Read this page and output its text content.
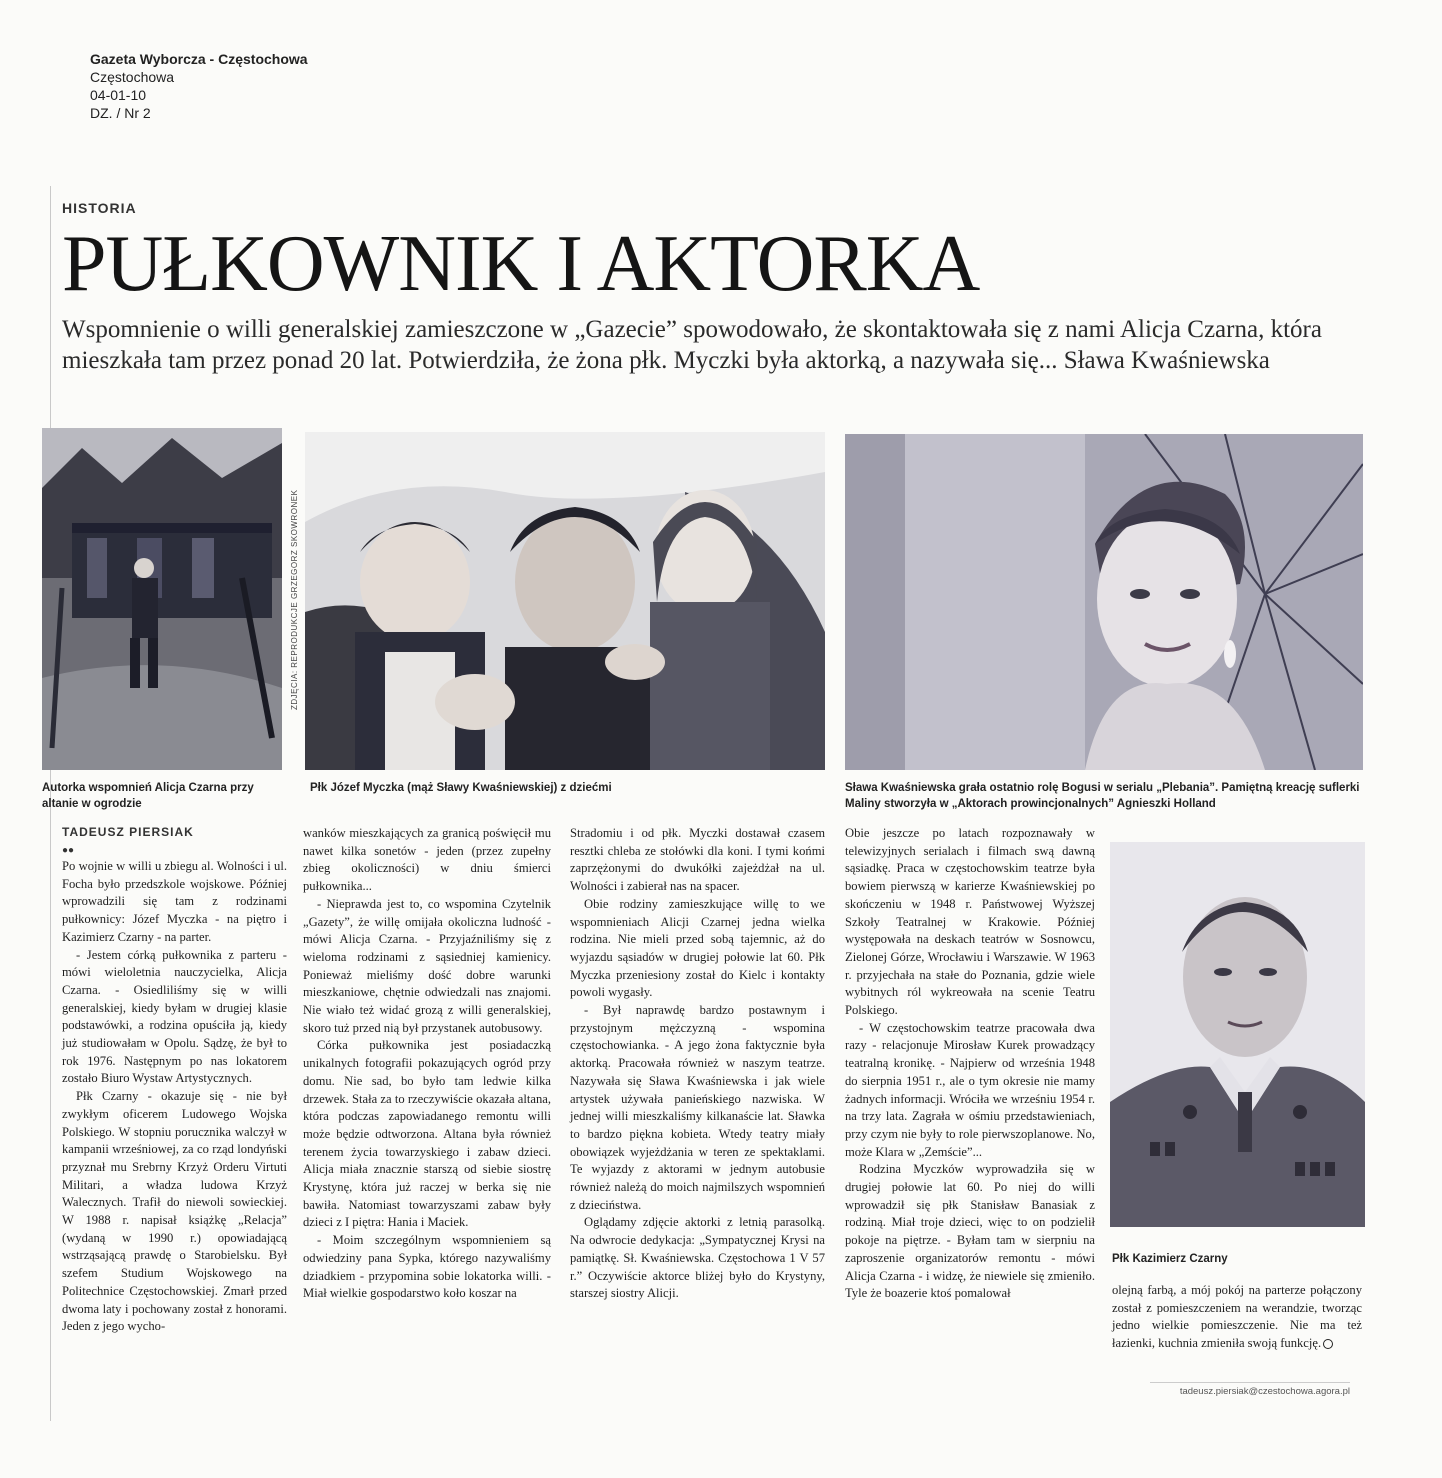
Gazeta Wyborcza - Częstochowa
Częstochowa
04-01-10
DZ. / Nr 2
HISTORIA
PUŁKOWNIK I AKTORKA
Wspomnienie o willi generalskiej zamieszczone w „Gazecie” spowodowało, że skontaktowała się z nami Alicja Czarna, która mieszkała tam przez ponad 20 lat. Potwierdziła, że żona płk. Myczki była aktorką, a nazywała się... Sława Kwaśniewska
Autorka wspomnień Alicja Czarna przy altanie w ogrodzie
ZDJĘCIA: REPRODUKCJE GRZEGORZ SKOWRONEK
Płk Józef Myczka (mąż Sławy Kwaśniewskiej) z dziećmi	Sława Kwaśniewska grała ostatnio rolę Bogusi w serialu „Plebania”. Pamiętną kreację suflerki Maliny stworzyła w „Aktorach prowincjonalnych” Agnieszki Holland
Płk Kazimierz Czarny
TADEUSZ PIERSIAK
●●

Po wojnie w willi u zbiegu al. Wolności i ul. Focha było przedszkole wojskowe. Później wprowadzili się tam z rodzinami pułkownicy: Józef Myczka - na piętro i Kazimierz Czarny - na parter.

- Jestem córką pułkownika z parteru - mówi wieloletnia nauczycielka, Alicja Czarna. - Osiedliliśmy się w willi generalskiej, kiedy byłam w drugiej klasie podstawówki, a rodzina opuściła ją, kiedy już studiowałam w Opolu. Sądzę, że był to rok 1976. Następnym po nas lokatorem zostało Biuro Wystaw Artystycznych.

Płk Czarny - okazuje się - nie był zwykłym oficerem Ludowego Wojska Polskiego. W stopniu porucznika walczył w kampanii wrześniowej, za co rząd londyński przyznał mu Srebrny Krzyż Orderu Virtuti Militari, a władza ludowa Krzyż Walecznych. Trafił do niewoli sowieckiej. W 1988 r. napisał książkę „Relacja” (wydaną w 1990 r.) opowiadającą wstrząsającą prawdę o Starobielsku. Był szefem Studium Wojskowego na Politechnice Częstochowskiej. Zmarł przed dwoma laty i pochowany został z honorami. Jeden z jego wycho-

wanków mieszkających za granicą poświęcił mu nawet kilka sonetów - jeden (przez zupełny zbieg okoliczności) w dniu śmierci pułkownika...

- Nieprawda jest to, co wspomina Czytelnik „Gazety”, że willę omijała okoliczna ludność - mówi Alicja Czarna. - Przyjaźniliśmy się z wieloma rodzinami z sąsiedniej kamienicy. Ponieważ mieliśmy dość dobre warunki mieszkaniowe, chętnie odwiedzali nas znajomi. Nie wiało też widać grozą z willi generalskiej, skoro tuż przed nią był przystanek autobusowy.

Córka pułkownika jest posiadaczką unikalnych fotografii pokazujących ogród przy domu. Nie sad, bo było tam ledwie kilka drzewek. Stała za to rzeczywiście okazała altana, która podczas zapowiadanego remontu willi może będzie odtworzona. Altana była również terenem życia towarzyskiego i zabaw dzieci. Alicja miała znacznie starszą od siebie siostrę Krystynę, która już raczej w berka się nie bawiła. Natomiast towarzyszami zabaw były dzieci z I piętra: Hania i Maciek.

- Moim szczególnym wspomnieniem są odwiedziny pana Sypka, którego nazywaliśmy dziadkiem - przypomina sobie lokatorka willi. - Miał wielkie gospodarstwo koło koszar na

Stradomiu i od płk. Myczki dostawał czasem resztki chleba ze stołówki dla koni. I tymi końmi zaprzężonymi do dwukółki zajeżdżał na ul. Wolności i zabierał nas na spacer.

Obie rodziny zamieszkujące willę to we wspomnieniach Alicji Czarnej jedna wielka rodzina. Nie mieli przed sobą tajemnic, aż do wyjazdu sąsiadów w drugiej połowie lat 60. Płk Myczka przeniesiony został do Kielc i kontakty powoli wygasły.

- Był naprawdę bardzo postawnym i przystojnym mężczyzną - wspomina częstochowianka. - A jego żona faktycznie była aktorką. Pracowała również w naszym teatrze. Nazywała się Sława Kwaśniewska i jak wiele artystek używała panieńskiego nazwiska. W jednej willi mieszkaliśmy kilkanaście lat. Sławka to bardzo piękna kobieta. Wtedy teatry miały obowiązek wyjeżdżania w teren ze spektaklami. Te wyjazdy z aktorami w jednym autobusie również należą do moich najmilszych wspomnień z dzieciństwa.

Oglądamy zdjęcie aktorki z letnią parasolką. Na odwrocie dedykacja: „Sympatycznej Krysi na pamiątkę. Sł. Kwaśniewska. Częstochowa 1 V 57 r.” Oczywiście aktorce bliżej było do Krystyny, starszej siostry Alicji.

Obie jeszcze po latach rozpoznawały w telewizyjnych serialach i filmach swą dawną sąsiadkę. Praca w częstochowskim teatrze była bowiem pierwszą w karierze Kwaśniewskiej po skończeniu w 1948 r. Państwowej Wyższej Szkoły Teatralnej w Krakowie. Później występowała na deskach teatrów w Sosnowcu, Zielonej Górze, Wrocławiu i Warszawie. W 1963 r. przyjechała na stałe do Poznania, gdzie wiele wybitnych ról wykreowała na scenie Teatru Polskiego.

- W częstochowskim teatrze pracowała dwa razy - relacjonuje Mirosław Kurek prowadzący teatralną kronikę. - Najpierw od września 1948 do sierpnia 1951 r., ale o tym okresie nie mamy żadnych informacji. Wróciła we wrześniu 1954 r. na trzy lata. Zagrała w ośmiu przedstawieniach, przy czym nie były to role pierwszoplanowe. No, może Klara w „Zemście”...

Rodzina Myczków wyprowadziła się w drugiej połowie lat 60. Po niej do willi wprowadził się płk Stanisław Banasiak z rodziną. Miał troje dzieci, więc to on podzielił pokoje na piętrze. - Byłam tam w sierpniu na zaproszenie organizatorów remontu - mówi Alicja Czarna - i widzę, że niewiele się zmieniło. Tyle że boazerie ktoś pomalował	olejną farbą, a mój pokój na parterze połączony został z pomieszczeniem na werandzie, tworząc jedno wielkie pomieszczenie. Nie ma też łazienki, kuchnia zmieniła swoją funkcję.

tadeusz.piersiak@czestochowa.agora.pl
